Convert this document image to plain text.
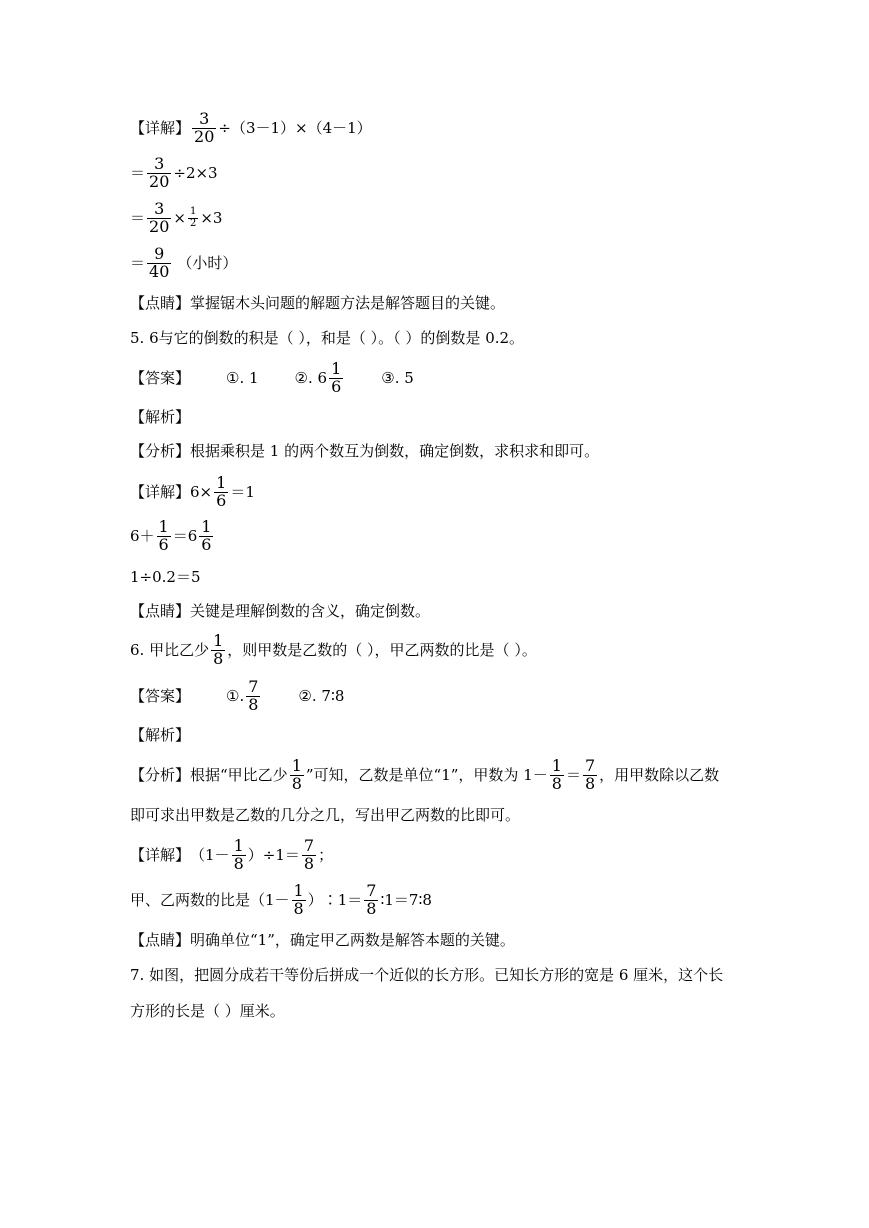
【详解】 $\frac{3}{20} \div(3-1)\times(4-1)$
＝ $\frac{3}{20} \div 2\times 3$
＝ $\frac{3}{20} \times \frac{1}{2} \times 3$
＝ $\frac{9}{40}$ （小时）
【点睛】 掌握锯木头问题的解题方法是解答题目的关键。
5. 6与它的倒数的积是（ ），和是（ ）。（ ）的倒数是 0.2。
【答案】 ①. 1 ②. $6 \frac{1}{6}$	③. 5
【解析】
【分析】 根据乘积是 1 的两个数互为倒数，确定倒数，求积求和即可。
【详解】 $6\times \frac{1}{6} =1$
$6+ \frac{1}{6} =6 \frac{1}{6}$
1÷0.2＝5
【点睛】 关键是理解倒数的含义，确定倒数。
6. 甲比乙少 $\frac{1}{8}$ ，则甲数是乙数的（ ），甲乙两数的比是（ ）。
【答案】 ①. $\frac{7}{8}$	②. 7∶8
【解析】
【分析】 根据“甲比乙少 $\frac{1}{8}$ ”可知，乙数是单位“1”，甲数为 $1- \frac{1}{8} = \frac{7}{8}$ ，用甲数除以乙数
即可求出甲数是乙数的几分之几，写出甲乙两数的比即可。
【详解】 $(1- \frac{1}{8} )\div 1= \frac{7}{8}$ ；
甲、乙两数的比是（$1- \frac{1}{8}$ ）∶1＝ $\frac{7}{8}$ ∶1＝7∶8
【点睛】 明确单位“1”，确定甲乙两数是解答本题的关键。
7. 如图，把圆分成若干等份后拼成一个近似的长方形。已知长方形的宽是 6 厘米，这个长
方形的长是（ ）厘米。
